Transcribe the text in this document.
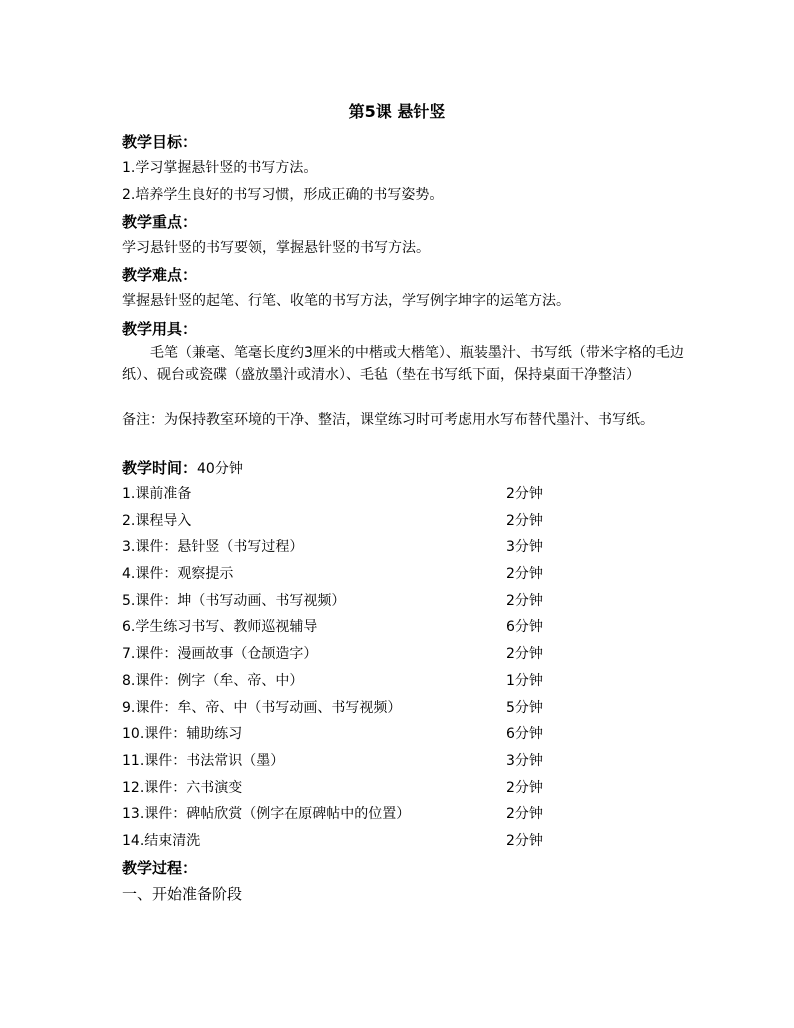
第5课 悬针竖
教学目标：
1.学习掌握悬针竖的书写方法。
2.培养学生良好的书写习惯，形成正确的书写姿势。
教学重点：
学习悬针竖的书写要领，掌握悬针竖的书写方法。
教学难点：
掌握悬针竖的起笔、行笔、收笔的书写方法，学写例字坤字的运笔方法。
教学用具：
毛笔（兼毫、笔毫长度约3厘米的中楷或大楷笔）、瓶装墨汁、书写纸（带米字格的毛边纸）、砚台或瓷碟（盛放墨汁或清水）、毛毡（垫在书写纸下面，保持桌面干净整洁）
备注：为保持教室环境的干净、整洁，课堂练习时可考虑用水写布替代墨汁、书写纸。
教学时间：40分钟
1.课前准备	2分钟
2.课程导入	2分钟
3.课件：悬针竖（书写过程）	3分钟
4.课件：观察提示	2分钟
5.课件：坤（书写动画、书写视频）	2分钟
6.学生练习书写、教师巡视辅导	6分钟
7.课件：漫画故事（仓颉造字）	2分钟
8.课件：例字（牟、帝、中）	1分钟
9.课件：牟、帝、中（书写动画、书写视频）	5分钟
10.课件：辅助练习	6分钟
11.课件：书法常识（墨）	3分钟
12.课件：六书演变	2分钟
13.课件：碑帖欣赏（例字在原碑帖中的位置）	2分钟
14.结束清洗	2分钟
教学过程：
一、开始准备阶段
